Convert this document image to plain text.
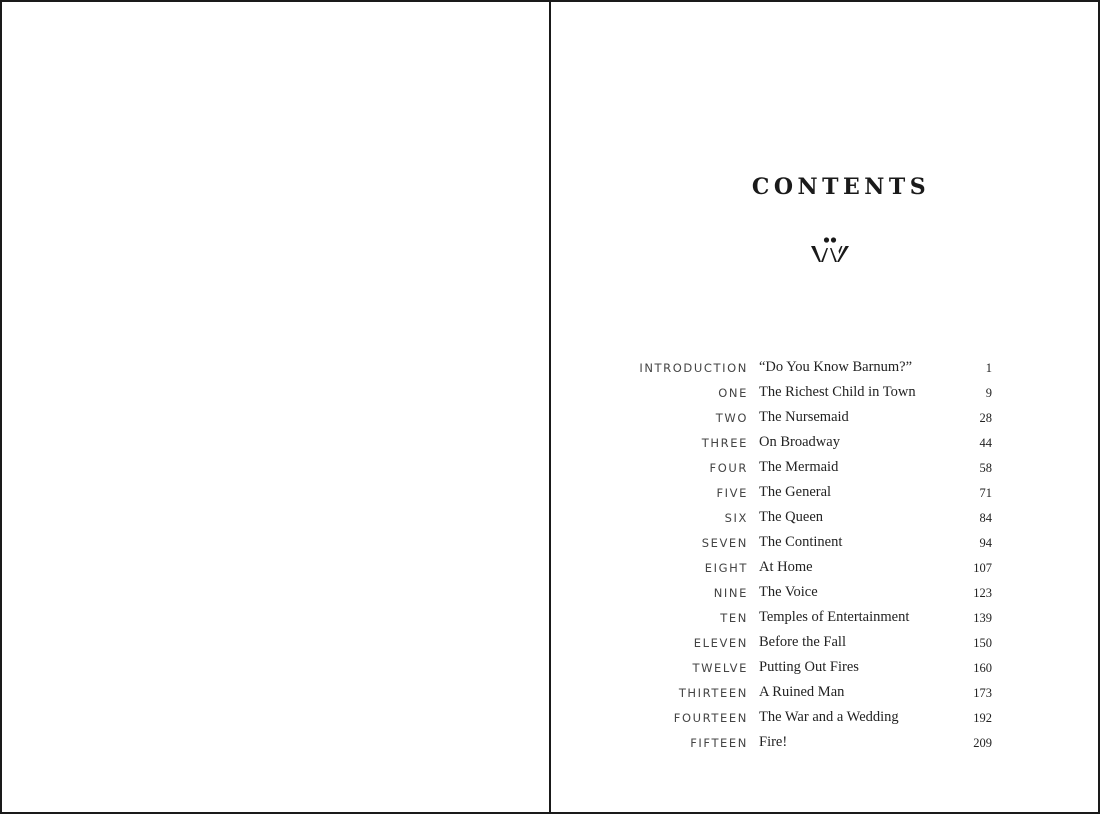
CONTENTS
INTRODUCTION “Do You Know Barnum?”	1
ONE The Richest Child in Town	9
TWO The Nursemaid	28
THREE On Broadway	44
FOUR The Mermaid	58
FIVE The General	71
SIX The Queen	84
SEVEN The Continent	94
EIGHT At Home	107
NINE The Voice	123
TEN Temples of Entertainment	139
ELEVEN Before the Fall	150
TWELVE Putting Out Fires	160
THIRTEEN A Ruined Man	173
FOURTEEN The War and a Wedding	192
FIFTEEN Fire!	209
